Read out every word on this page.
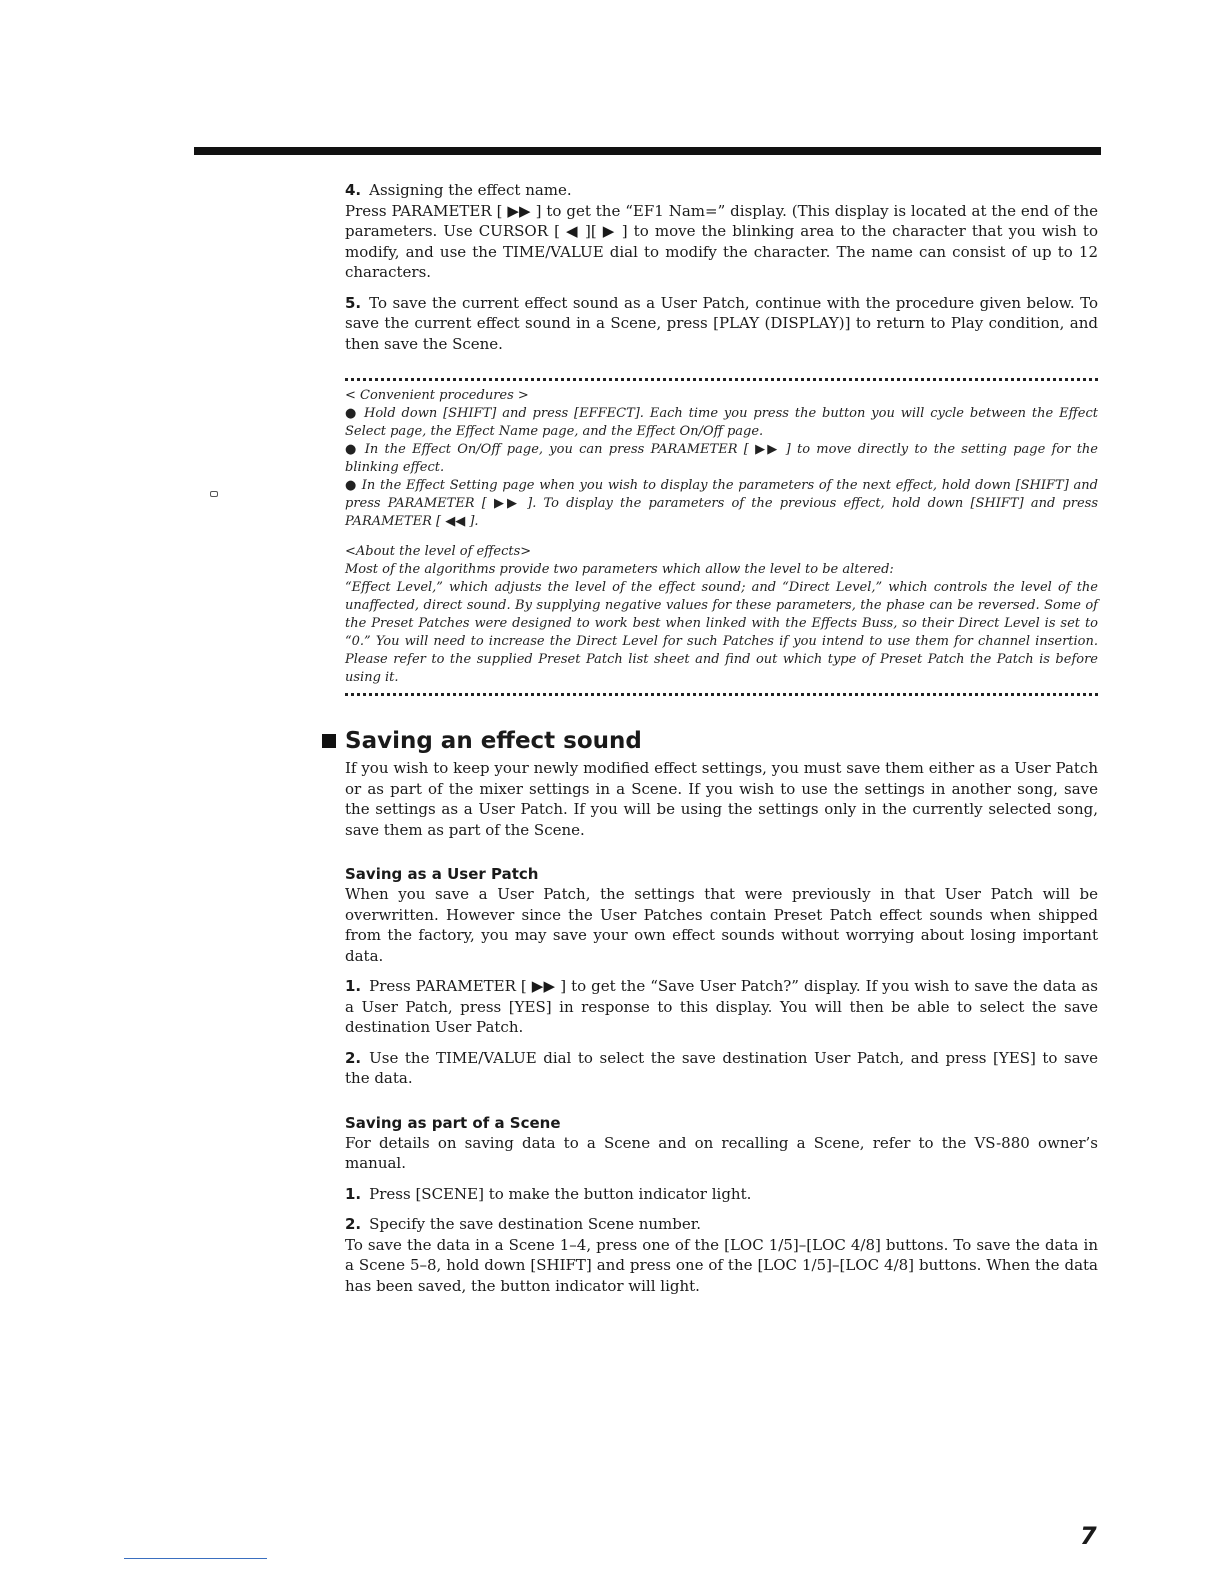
4. Assigning the effect name.

Press PARAMETER [ ▶▶ ] to get the “EF1 Nam=” display. (This display is located at the end of the parameters. Use CURSOR [ ◀ ][ ▶ ] to move the blinking area to the character that you wish to modify, and use the TIME/VALUE dial to modify the character. The name can consist of up to 12 characters.

5. To save the current effect sound as a User Patch, continue with the procedure given below. To save the current effect sound in a Scene, press [PLAY (DISPLAY)] to return to Play condition, and then save the Scene.

< Convenient procedures >

● Hold down [SHIFT] and press [EFFECT]. Each time you press the button you will cycle between the Effect Select page, the Effect Name page, and the Effect On/Off page.

● In the Effect On/Off page, you can press PARAMETER [ ▶▶ ] to move directly to the setting page for the blinking effect.

● In the Effect Setting page when you wish to display the parameters of the next effect, hold down [SHIFT] and press PARAMETER [ ▶▶ ]. To display the parameters of the previous effect, hold down [SHIFT] and press PARAMETER [ ◀◀ ].

<About the level of effects>

Most of the algorithms provide two parameters which allow the level to be altered:

“Effect Level,” which adjusts the level of the effect sound; and “Direct Level,” which controls the level of the unaffected, direct sound. By supplying negative values for these parameters, the phase can be reversed. Some of the Preset Patches were designed to work best when linked with the Effects Buss, so their Direct Level is set to “0.” You will need to increase the Direct Level for such Patches if you intend to use them for channel insertion. Please refer to the supplied Preset Patch list sheet and find out which type of Preset Patch the Patch is before using it.

Saving an effect sound

If you wish to keep your newly modified effect settings, you must save them either as a User Patch or as part of the mixer settings in a Scene. If you wish to use the settings in another song, save the settings as a User Patch. If you will be using the settings only in the currently selected song, save them as part of the Scene.

Saving as a User Patch

When you save a User Patch, the settings that were previously in that User Patch will be overwritten. However since the User Patches contain Preset Patch effect sounds when shipped from the factory, you may save your own effect sounds without worrying about losing important data.

1. Press PARAMETER [ ▶▶ ] to get the “Save User Patch?” display. If you wish to save the data as a User Patch, press [YES] in response to this display. You will then be able to select the save destination User Patch.

2. Use the TIME/VALUE dial to select the save destination User Patch, and press [YES] to save the data.

Saving as part of a Scene

For details on saving data to a Scene and on recalling a Scene, refer to the VS-880 owner’s manual.

1. Press [SCENE] to make the button indicator light.

2. Specify the save destination Scene number.

To save the data in a Scene 1–4, press one of the [LOC 1/5]–[LOC 4/8] buttons. To save the data in a Scene 5–8, hold down [SHIFT] and press one of the [LOC 1/5]–[LOC 4/8] buttons. When the data has been saved, the button indicator will light.

7
